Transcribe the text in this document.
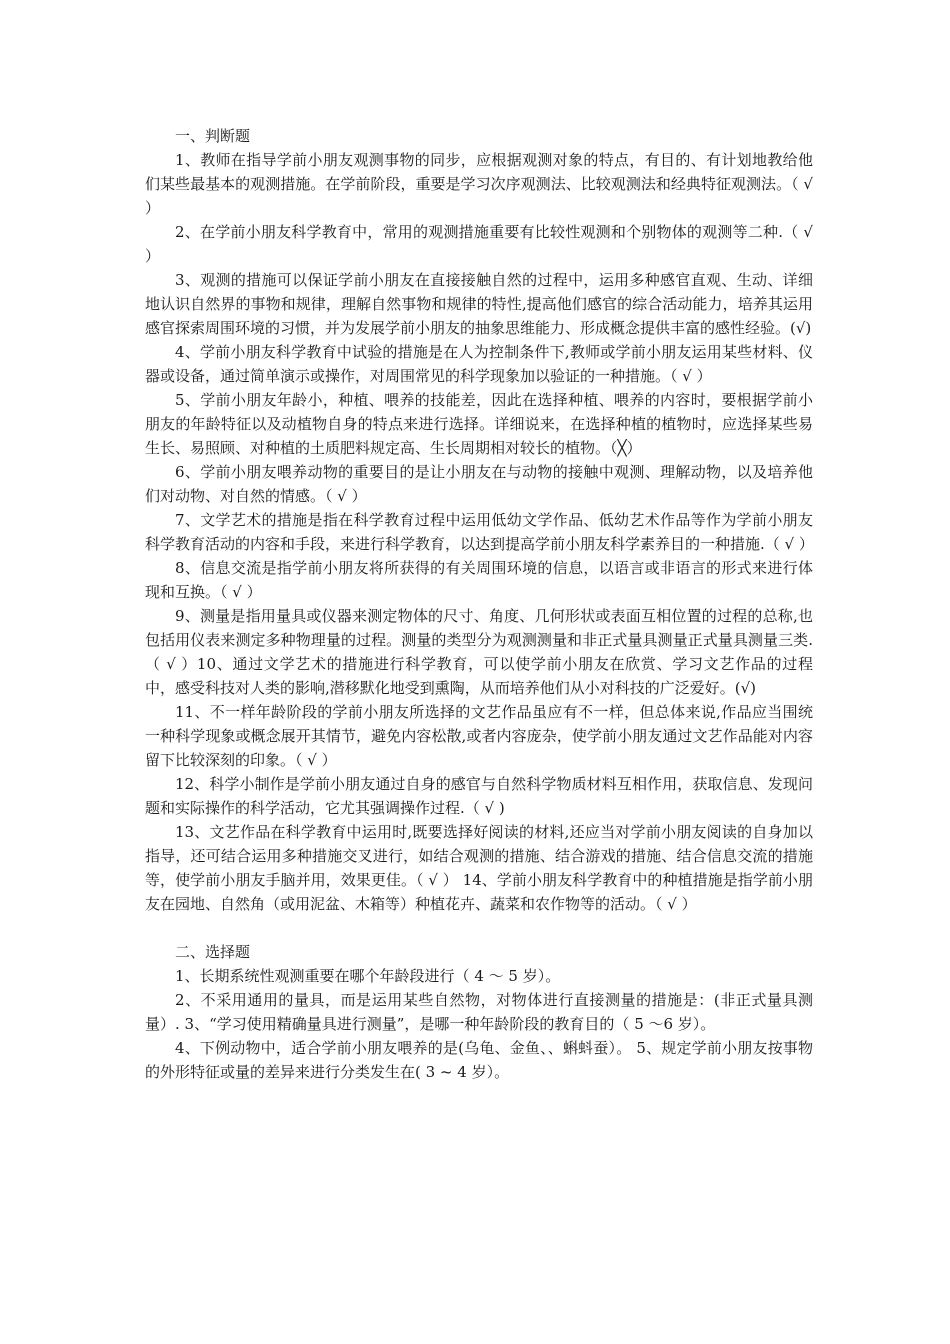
一、判断题

1、教师在指导学前小朋友观测事物的同步，应根据观测对象的特点，有目的、有计划地教给他们某些最基本的观测措施。在学前阶段，重要是学习次序观测法、比较观测法和经典特征观测法。（ √ ）

2、在学前小朋友科学教育中，常用的观测措施重要有比较性观测和个别物体的观测等二种.（ √ ）

3、观测的措施可以保证学前小朋友在直接接触自然的过程中，运用多种感官直观、生动、详细地认识自然界的事物和规律，理解自然事物和规律的特性,提高他们感官的综合活动能力，培养其运用感官探索周围环境的习惯，并为发展学前小朋友的抽象思维能力、形成概念提供丰富的感性经验。(√)

4、学前小朋友科学教育中试验的措施是在人为控制条件下,教师或学前小朋友运用某些材料、仪器或设备，通过简单演示或操作，对周围常见的科学现象加以验证的一种措施。（ √ ）

5、学前小朋友年龄小，种植、喂养的技能差，因此在选择种植、喂养的内容时，要根据学前小朋友的年龄特征以及动植物自身的特点来进行选择。详细说来，在选择种植的植物时，应选择某些易生长、易照顾、对种植的土质肥料规定高、生长周期相对较长的植物。（╳）

6、学前小朋友喂养动物的重要目的是让小朋友在与动物的接触中观测、理解动物，以及培养他们对动物、对自然的情感。（ √ ）

7、文学艺术的措施是指在科学教育过程中运用低幼文学作品、低幼艺术作品等作为学前小朋友科学教育活动的内容和手段，来进行科学教育，以达到提高学前小朋友科学素养目的一种措施.（ √ ）

8、信息交流是指学前小朋友将所获得的有关周围环境的信息，以语言或非语言的形式来进行体现和互换。（ √ ）

9、测量是指用量具或仪器来测定物体的尺寸、角度、几何形状或表面互相位置的过程的总称,也包括用仪表来测定多种物理量的过程。测量的类型分为观测测量和非正式量具测量正式量具测量三类.（ √ ）10、通过文学艺术的措施进行科学教育，可以使学前小朋友在欣赏、学习文艺作品的过程中，感受科技对人类的影响,潜移默化地受到熏陶，从而培养他们从小对科技的广泛爱好。(√)

11、不一样年龄阶段的学前小朋友所选择的文艺作品虽应有不一样，但总体来说,作品应当围统一种科学现象或概念展开其情节，避免内容松散,或者内容庞杂，使学前小朋友通过文艺作品能对内容留下比较深刻的印象。（ √ ）

12、科学小制作是学前小朋友通过自身的感官与自然科学物质材料互相作用，获取信息、发现问题和实际操作的科学活动，它尤其强调操作过程.（ √ )

13、文艺作品在科学教育中运用时,既要选择好阅读的材料,还应当对学前小朋友阅读的自身加以指导，还可结合运用多种措施交叉进行，如结合观测的措施、结合游戏的措施、结合信息交流的措施等，使学前小朋友手脑并用，效果更佳。（ √ ） 14、学前小朋友科学教育中的种植措施是指学前小朋友在园地、自然角（或用泥盆、木箱等）种植花卉、蔬菜和农作物等的活动。（ √ ）

二、选择题

1、长期系统性观测重要在哪个年龄段进行（ 4 ～ 5 岁）。

2、不采用通用的量具，而是运用某些自然物，对物体进行直接测量的措施是：(非正式量具测量）. 3、“学习使用精确量具进行测量”，是哪一种年龄阶段的教育目的（ 5 ～6 岁）。

4、下例动物中，适合学前小朋友喂养的是(乌龟、金鱼、、蝌蚪蚕）。 5、规定学前小朋友按事物的外形特征或量的差异来进行分类发生在( 3 ~ 4 岁）。
